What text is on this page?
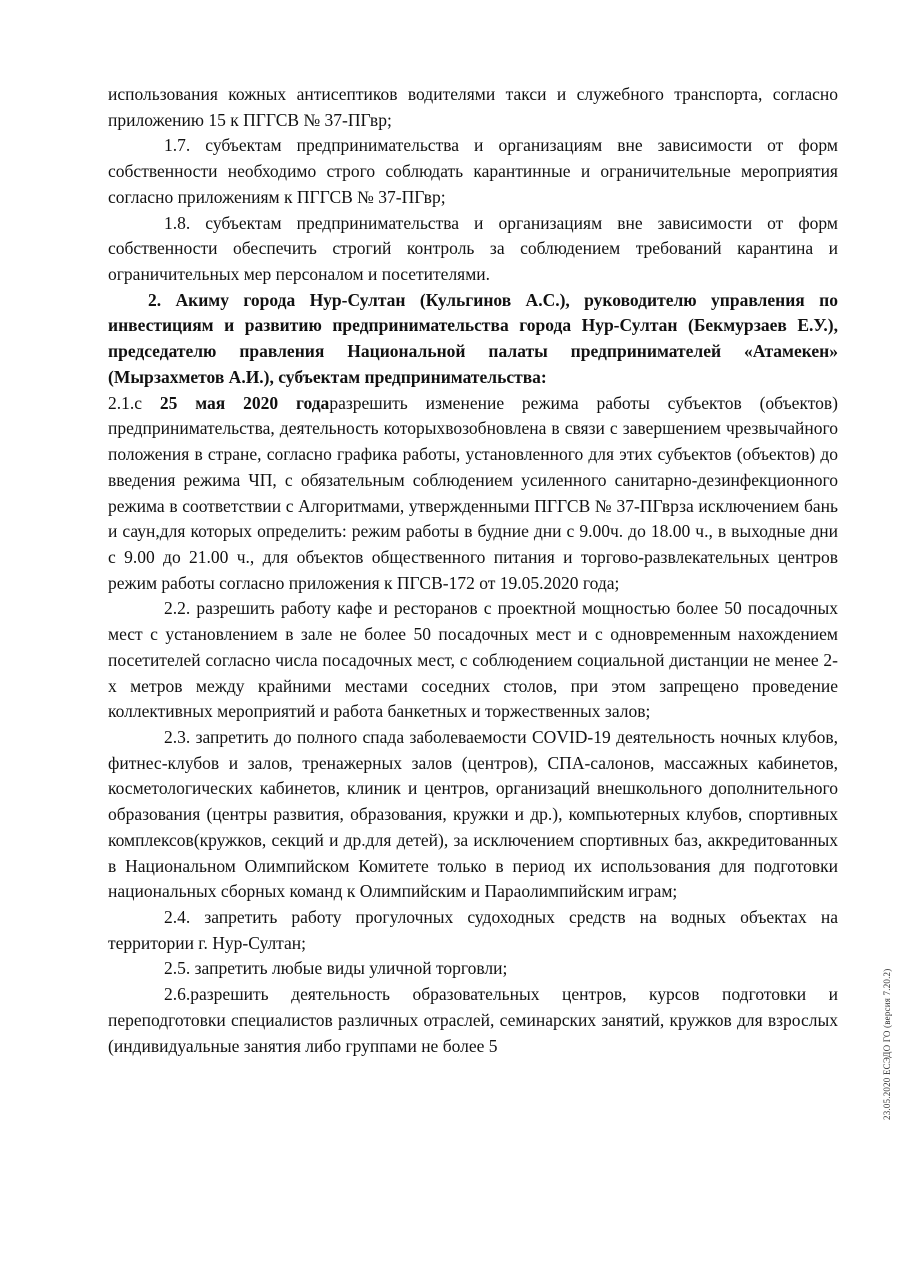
использования кожных антисептиков водителями такси и служебного транспорта, согласно приложению 15 к ПГГСВ № 37-ПГвр;

1.7. субъектам предпринимательства и организациям вне зависимости от форм собственности необходимо строго соблюдать карантинные и ограничительные мероприятия согласно приложениям к ПГГСВ № 37-ПГвр;

1.8. субъектам предпринимательства и организациям вне зависимости от форм собственности обеспечить строгий контроль за соблюдением требований карантина и ограничительных мер персоналом и посетителями.

2. Акиму города Нур-Султан (Кульгинов А.С.), руководителю управления по инвестициям и развитию предпринимательства города Нур-Султан (Бекмурзаев Е.У.), председателю правления Национальной палаты предпринимателей «Атамекен» (Мырзахметов А.И.), субъектам предпринимательства:

2.1.с 25 мая 2020 годаразрешить изменение режима работы субъектов (объектов) предпринимательства, деятельность которыхвозобновлена в связи с завершением чрезвычайного положения в стране, согласно графика работы, установленного для этих субъектов (объектов) до введения режима ЧП, с обязательным соблюдением усиленного санитарно-дезинфекционного режима в соответствии с Алгоритмами, утвержденными ПГГСВ № 37-ПГврза исключением бань и саун,для которых определить: режим работы в будние дни с 9.00ч. до 18.00 ч., в выходные дни с 9.00 до 21.00 ч., для объектов общественного питания и торгово-развлекательных центров режим работы согласно приложения к ПГСВ-172 от 19.05.2020 года;

2.2. разрешить работу кафе и ресторанов с проектной мощностью более 50 посадочных мест с установлением в зале не более 50 посадочных мест и с одновременным нахождением посетителей согласно числа посадочных мест, с соблюдением социальной дистанции не менее 2-х метров между крайними местами соседних столов, при этом запрещено проведение коллективных мероприятий и работа банкетных и торжественных залов;

2.3. запретить до полного спада заболеваемости COVID-19 деятельность ночных клубов, фитнес-клубов и залов, тренажерных залов (центров), СПА-салонов, массажных кабинетов, косметологических кабинетов, клиник и центров, организаций внешкольного дополнительного образования (центры развития, образования, кружки и др.), компьютерных клубов, спортивных комплексов(кружков, секций и др.для детей), за исключением спортивных баз, аккредитованных в Национальном Олимпийском Комитете только в период их использования для подготовки национальных сборных команд к Олимпийским и Параолимпийским играм;

2.4. запретить работу прогулочных судоходных средств на водных объектах на территории г. Нур-Султан;

2.5. запретить любые виды уличной торговли;

2.6.разрешить деятельность образовательных центров, курсов подготовки и переподготовки специалистов различных отраслей, семинарских занятий, кружков для взрослых (индивидуальные занятия либо группами не более 5	23.05.2020 ЕСЭДО ГО (версия 7.20.2)
